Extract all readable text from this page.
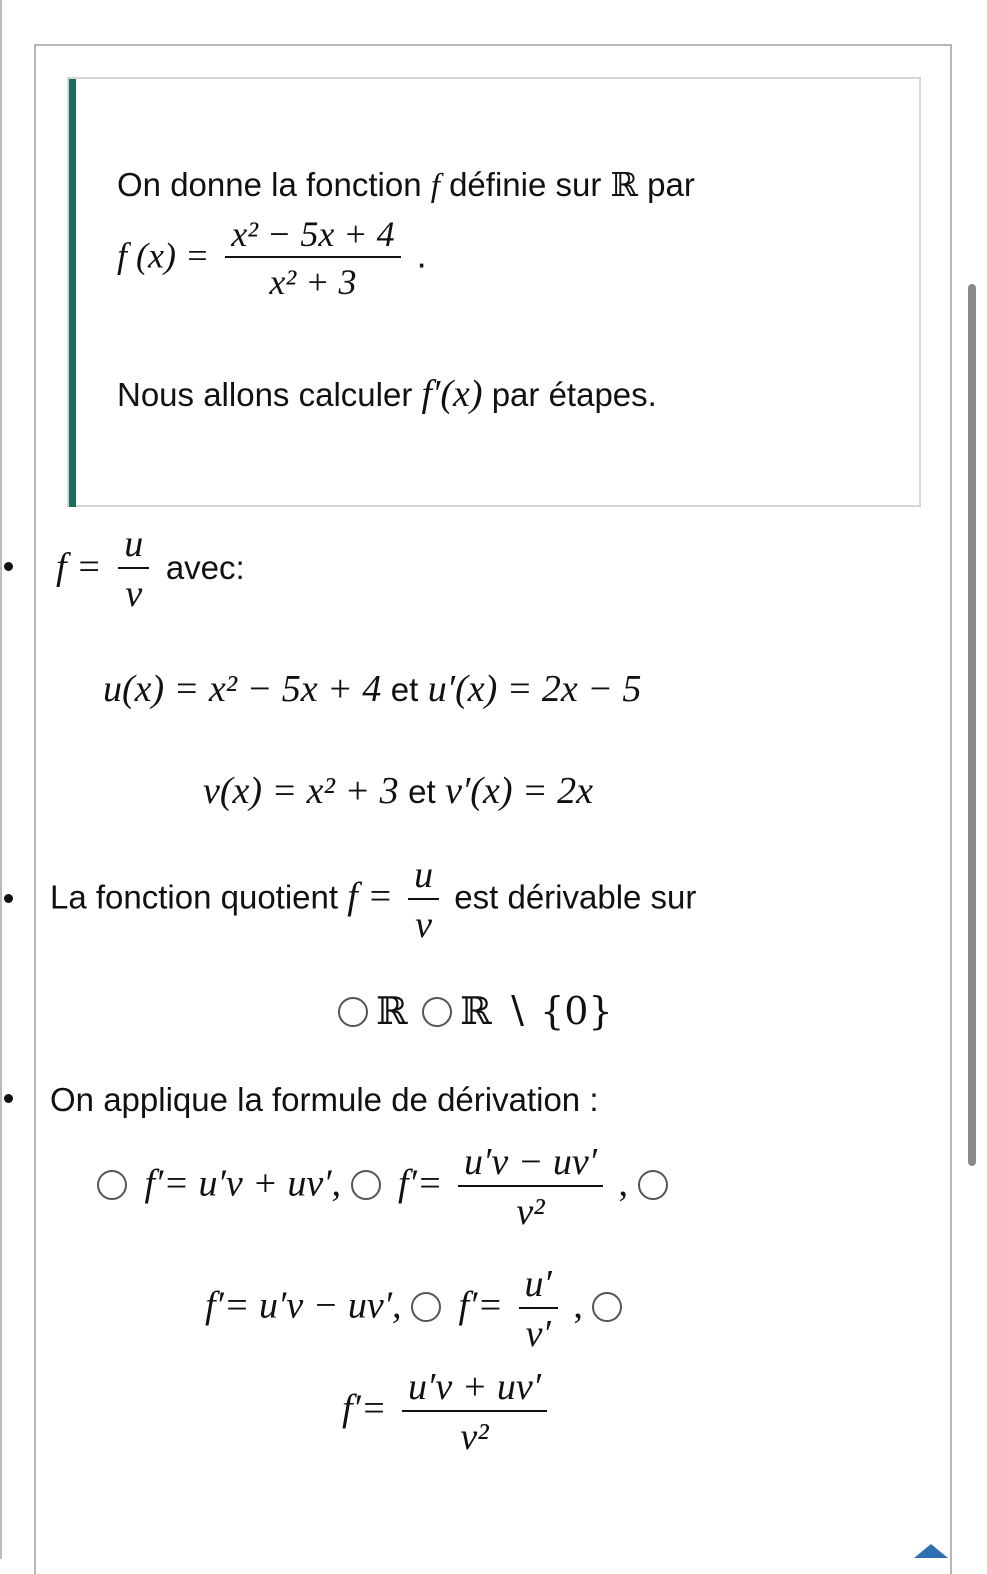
On donne la fonction f définie sur ℝ par
f $(x) = \frac{\text{x² − 5x + 4}}{\text{x² + 3}}$ .
Nous allons calculer f′(x) par étapes.
$f = \frac{u}{v}$ avec:
u(x) = x² − 5x + 4 et u′(x) = 2x − 5
v(x) = x² + 3 et v′(x) = 2x
La fonction quotient $f = \frac{u}{v}$ est dérivable sur
ℝ ℝ ∖ {0}
On applique la formule de dérivation :
f′= u′v + uv′, $f'= \frac{u'v - uv'}{\text{v²}}$ ,
f′= u′v − uv′, $f'= \frac{u'}{v'}$ ,
$f'= \frac{u'v + uv'}{\text{v²}}$
